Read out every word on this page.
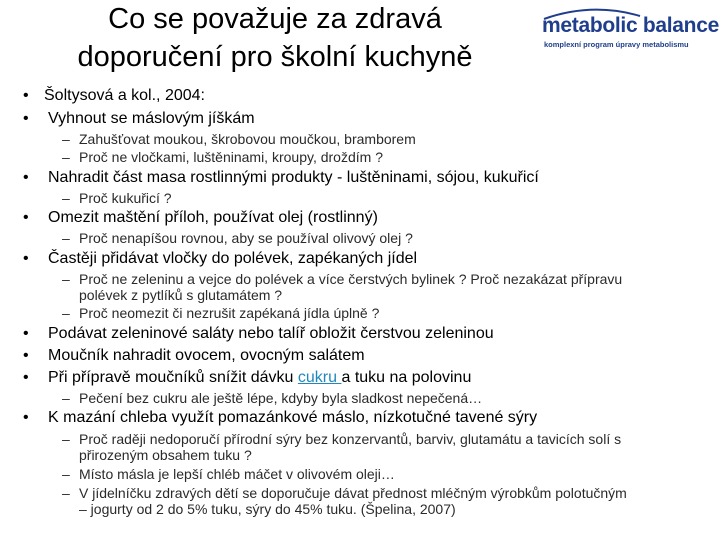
Co se považuje za zdravá
doporučení pro školní kuchyně
metabolic balance
komplexní program úpravy metabolismu
• Šoltysová a kol., 2004:
• Vyhnout se máslovým jíškám
– Zahušťovat moukou, škrobovou moučkou, bramborem
– Proč ne vločkami, luštěninami, kroupy, droždím ?
• Nahradit část masa rostlinnými produkty - luštěninami, sójou, kukuřicí
– Proč kukuřicí ?
• Omezit maštění příloh, používat olej (rostlinný)
– Proč nenapíšou rovnou, aby se používal olivový olej ?
• Častěji přidávat vločky do polévek, zapékaných jídel
– Proč ne zeleninu a vejce do polévek a více čerstvých bylinek ? Proč nezakázat přípravu
polévek z pytlíků s glutamátem ?
– Proč neomezit či nezrušit zapékaná jídla úplně ?
• Podávat zeleninové saláty nebo talíř obložit čerstvou zeleninou
• Moučník nahradit ovocem, ovocným salátem
• Při přípravě moučníků snížit dávku cukru a tuku na polovinu
– Pečení bez cukru ale ještě lépe, kdyby byla sladkost nepečená…
• K mazání chleba využít pomazánkové máslo, nízkotučné tavené sýry
– Proč raději nedoporučí přírodní sýry bez konzervantů, barviv, glutamátu a tavicích solí s
přirozeným obsahem tuku ?
– Místo másla je lepší chléb máčet v olivovém oleji…
– V jídelníčku zdravých dětí se doporučuje dávat přednost mléčným výrobkům polotučným
– jogurty od 2 do 5% tuku, sýry do 45% tuku. (Špelina, 2007)
